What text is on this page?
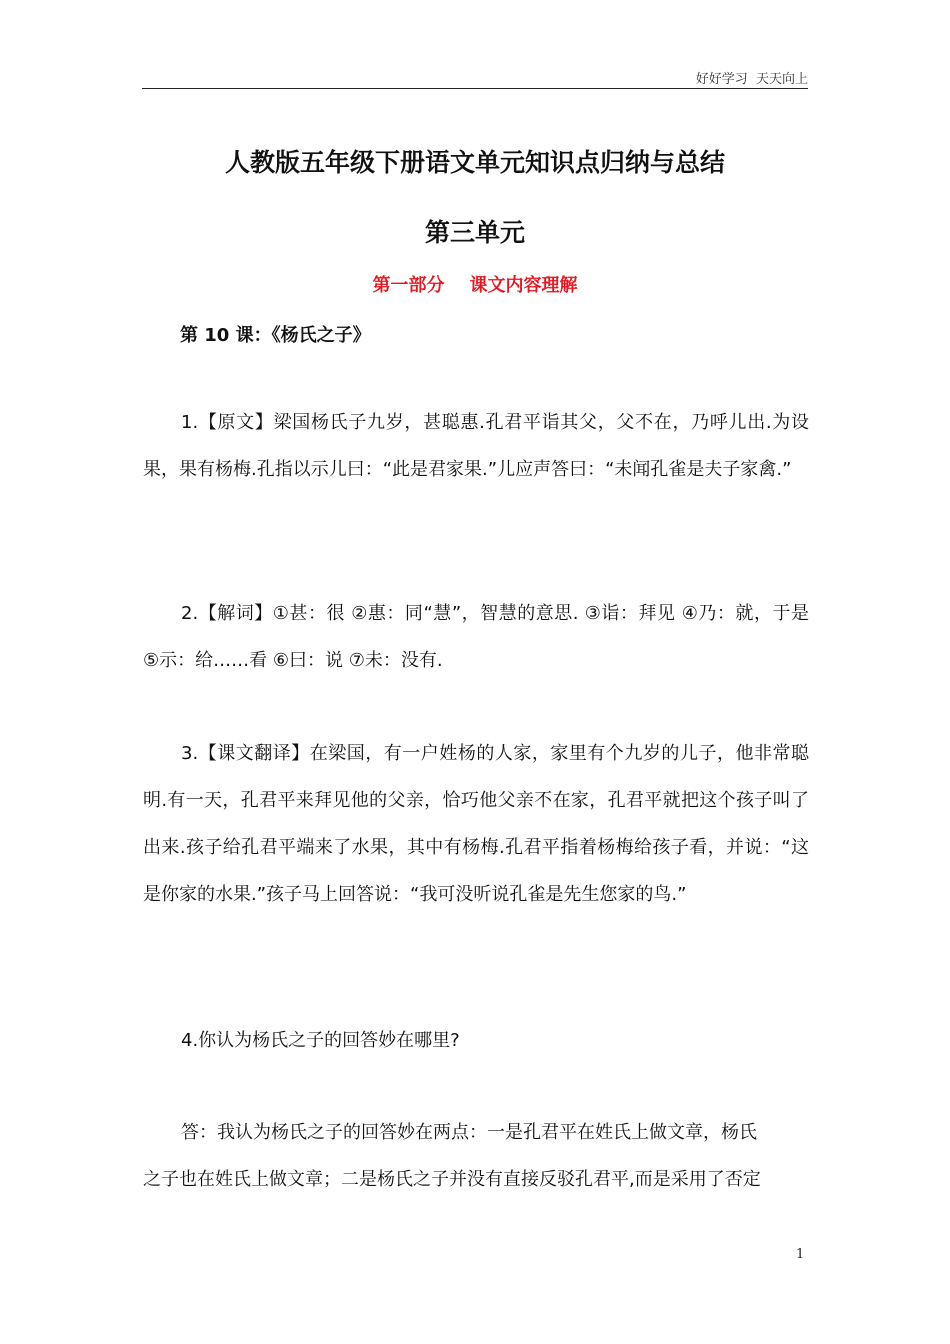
好好学习  天天向上
人教版五年级下册语文单元知识点归纳与总结
第三单元
第一部分    课文内容理解
第 10 课：《杨氏之子》

1.【原文】梁国杨氏子九岁，甚聪惠.孔君平诣其父，父不在，乃呼儿出.为设果，果有杨梅.孔指以示儿曰：“此是君家果.”儿应声答曰：“未闻孔雀是夫子家禽.”

2.【解词】①甚：很 ②惠：同“慧”，智慧的意思. ③诣：拜见 ④乃：就，于是 ⑤示：给……看 ⑥曰：说 ⑦未：没有.

3.【课文翻译】在梁国，有一户姓杨的人家，家里有个九岁的儿子，他非常聪明.有一天，孔君平来拜见他的父亲，恰巧他父亲不在家，孔君平就把这个孩子叫了出来.孩子给孔君平端来了水果，其中有杨梅.孔君平指着杨梅给孩子看，并说：“这是你家的水果.”孩子马上回答说：“我可没听说孔雀是先生您家的鸟.”

4.你认为杨氏之子的回答妙在哪里?

答：我认为杨氏之子的回答妙在两点：一是孔君平在姓氏上做文章，杨氏
之子也在姓氏上做文章；二是杨氏之子并没有直接反驳孔君平,而是采用了否定
1
